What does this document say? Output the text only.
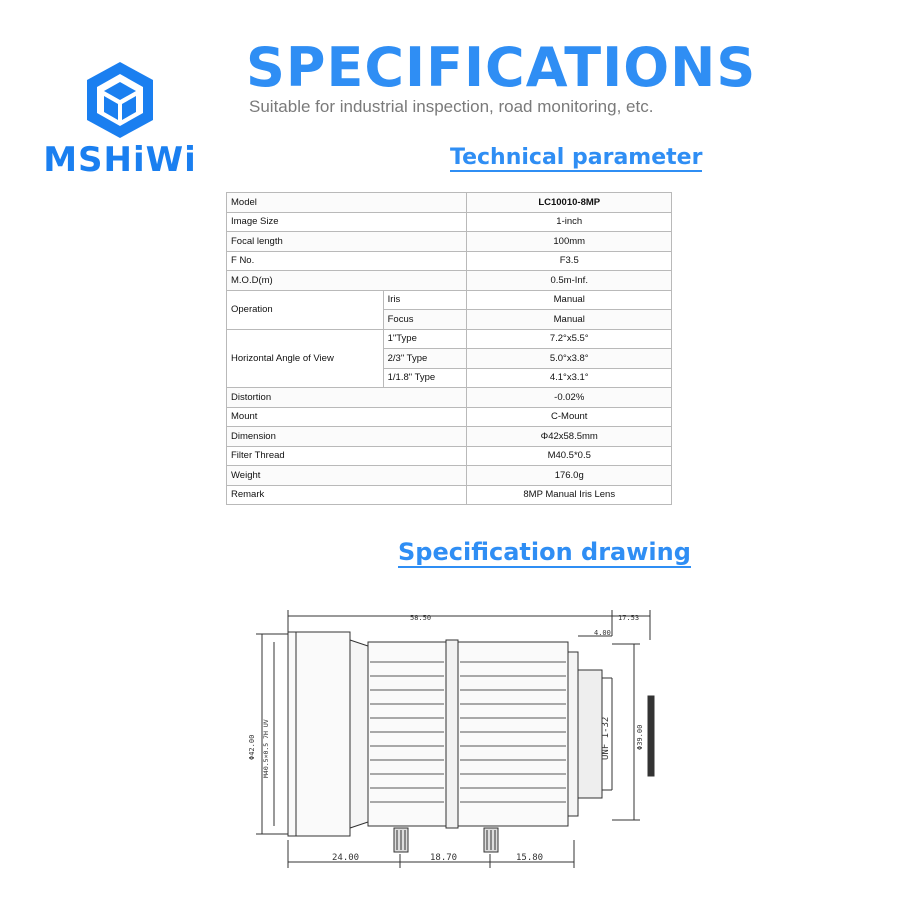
MSHiWi
SPECIFICATIONS
Suitable for industrial inspection, road monitoring, etc.
Technical parameter
Model		LC10010-8MP
Image Size		1-inch
Focal length		100mm
F No.		F3.5
M.O.D(m)		0.5m-Inf.
Operation	Iris	Manual
	Focus	Manual
Horizontal Angle of View	1"Type	7.2°x5.5°
	2/3" Type	5.0°x3.8°
	1/1.8" Type	4.1°x3.1°
Distortion		-0.02%
Mount		C-Mount
Dimension		Φ42x58.5mm
Filter Thread		M40.5*0.5
Weight		176.0g
Remark		8MP Manual Iris Lens
Specification drawing
58.50	17.53
4.00
Φ42.00 M40.5×0.5 7H UV	UNF 1-32	Φ39.00
24.00	18.70	15.80
